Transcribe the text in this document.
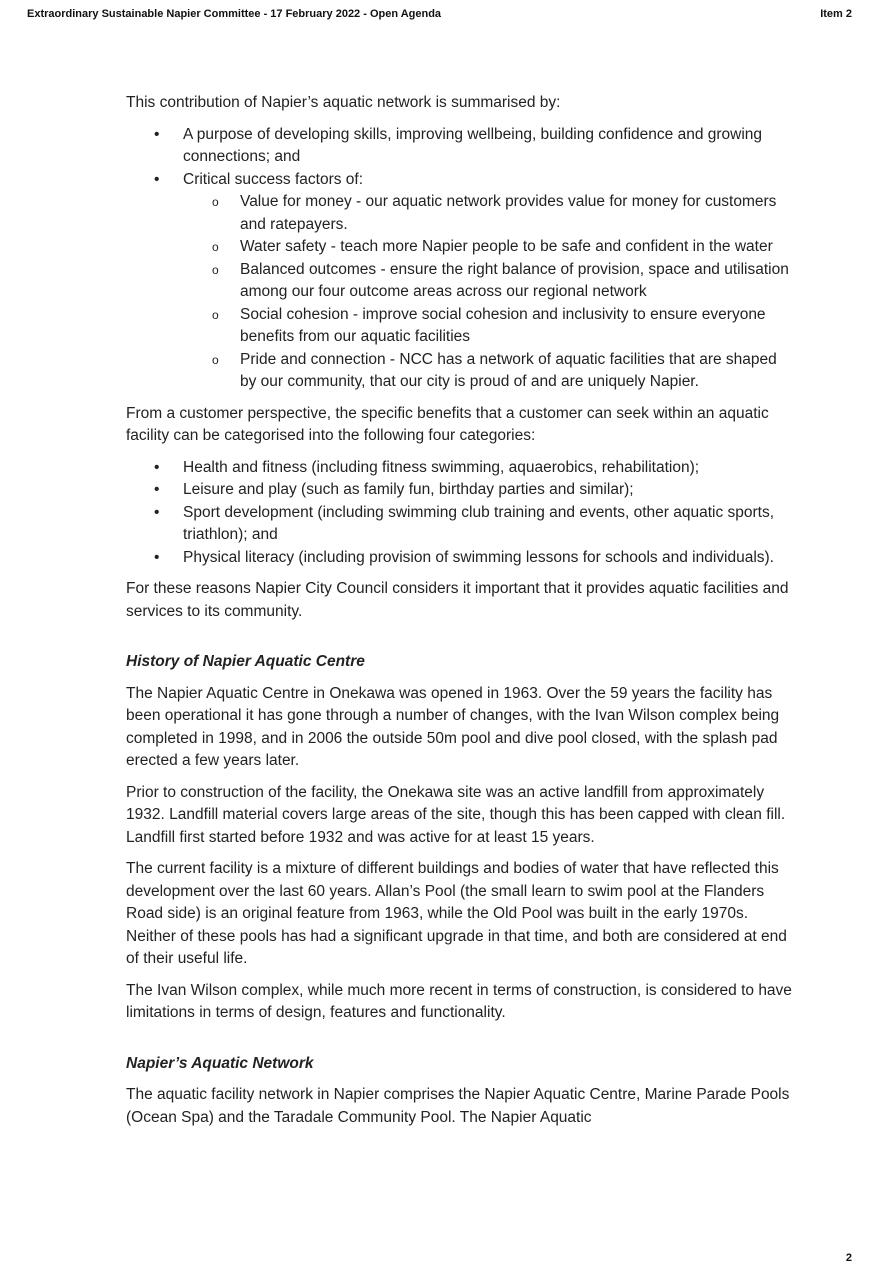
Extraordinary Sustainable Napier Committee - 17 February 2022 - Open Agenda	Item 2

This contribution of Napier’s aquatic network is summarised by:

• A purpose of developing skills, improving wellbeing, building confidence and growing connections; and
• Critical success factors of:
o Value for money - our aquatic network provides value for money for customers and ratepayers.
o Water safety - teach more Napier people to be safe and confident in the water
o Balanced outcomes - ensure the right balance of provision, space and utilisation among our four outcome areas across our regional network
o Social cohesion - improve social cohesion and inclusivity to ensure everyone benefits from our aquatic facilities
o Pride and connection - NCC has a network of aquatic facilities that are shaped by our community, that our city is proud of and are uniquely Napier.

From a customer perspective, the specific benefits that a customer can seek within an aquatic facility can be categorised into the following four categories:

• Health and fitness (including fitness swimming, aquaerobics, rehabilitation);
• Leisure and play (such as family fun, birthday parties and similar);
• Sport development (including swimming club training and events, other aquatic sports, triathlon); and
• Physical literacy (including provision of swimming lessons for schools and individuals).

For these reasons Napier City Council considers it important that it provides aquatic facilities and services to its community.

History of Napier Aquatic Centre

The Napier Aquatic Centre in Onekawa was opened in 1963. Over the 59 years the facility has been operational it has gone through a number of changes, with the Ivan Wilson complex being completed in 1998, and in 2006 the outside 50m pool and dive pool closed, with the splash pad erected a few years later.

Prior to construction of the facility, the Onekawa site was an active landfill from approximately 1932. Landfill material covers large areas of the site, though this has been capped with clean fill. Landfill first started before 1932 and was active for at least 15 years.

The current facility is a mixture of different buildings and bodies of water that have reflected this development over the last 60 years. Allan’s Pool (the small learn to swim pool at the Flanders Road side) is an original feature from 1963, while the Old Pool was built in the early 1970s. Neither of these pools has had a significant upgrade in that time, and both are considered at end of their useful life.

The Ivan Wilson complex, while much more recent in terms of construction, is considered to have limitations in terms of design, features and functionality.

Napier’s Aquatic Network

The aquatic facility network in Napier comprises the Napier Aquatic Centre, Marine Parade Pools (Ocean Spa) and the Taradale Community Pool. The Napier Aquatic

2
